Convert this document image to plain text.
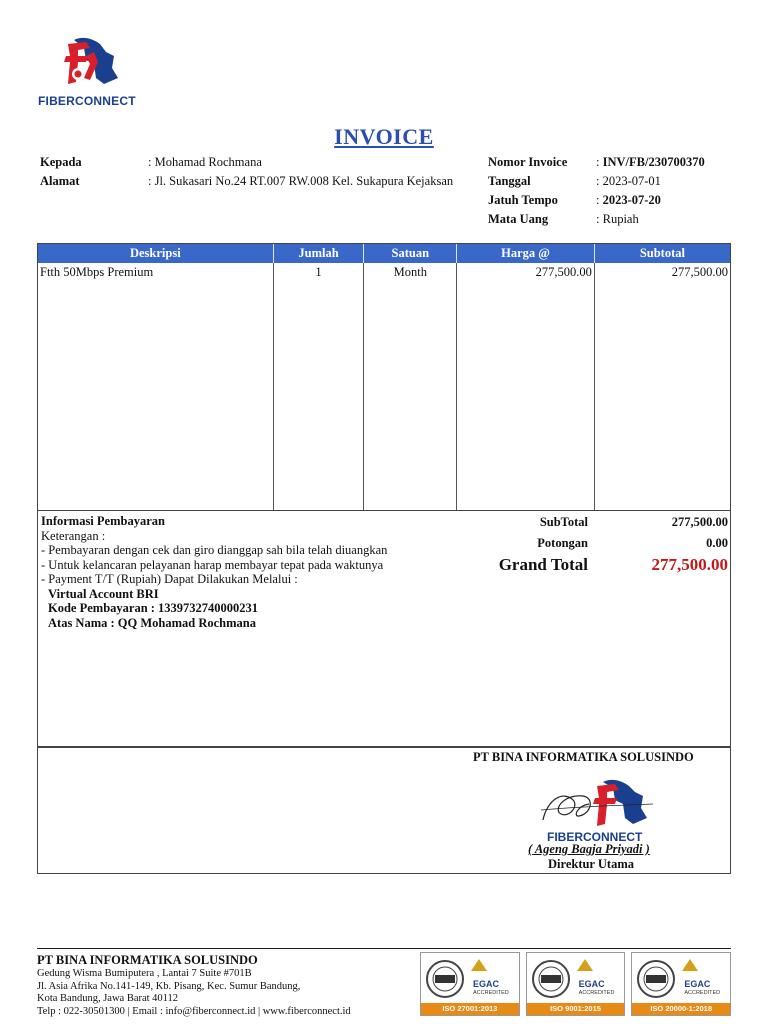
FIBERCONNECT
INVOICE
Kepada	: Mohamad Rochmana
Alamat	: Jl. Sukasari No.24 RT.007 RW.008 Kel. Sukapura Kejaksan
Nomor Invoice : INV/FB/230700370
Tanggal	: 2023-07-01
Jatuh Tempo	: 2023-07-20
Mata Uang	: Rupiah
Deskripsi	Jumlah	Satuan	Harga @	Subtotal
Ftth 50Mbps Premium	1	Month	277,500.00	277,500.00

Informasi Pembayaran
Keterangan :
- Pembayaran dengan cek dan giro dianggap sah bila telah diuangkan
- Untuk kelancaran pelayanan harap membayar tepat pada waktunya
- Payment T/T (Rupiah) Dapat Dilakukan Melalui :
Virtual Account BRI
Kode Pembayaran : 1339732740000231
Atas Nama : QQ Mohamad Rochmana
SubTotal	277,500.00
Potongan	0.00
Grand Total	277,500.00
PT BINA INFORMATIKA SOLUSINDO
FIBERCONNECT
( Ageng Bagja Priyadi )
Direktur Utama
PT BINA INFORMATIKA SOLUSINDO
Gedung Wisma Bumiputera , Lantai 7 Suite #701B
Jl. Asia Afrika No.141-149, Kb. Pisang, Kec. Sumur Bandung,
Kota Bandung, Jawa Barat 40112
Telp : 022-30501300 | Email : info@fiberconnect.id | www.fiberconnect.id
EGAC
ACCREDITED
ISO 27001:2013
EGAC
ACCREDITED
ISO 9001:2015
EGAC
ACCREDITED
ISO 20000-1:2018
